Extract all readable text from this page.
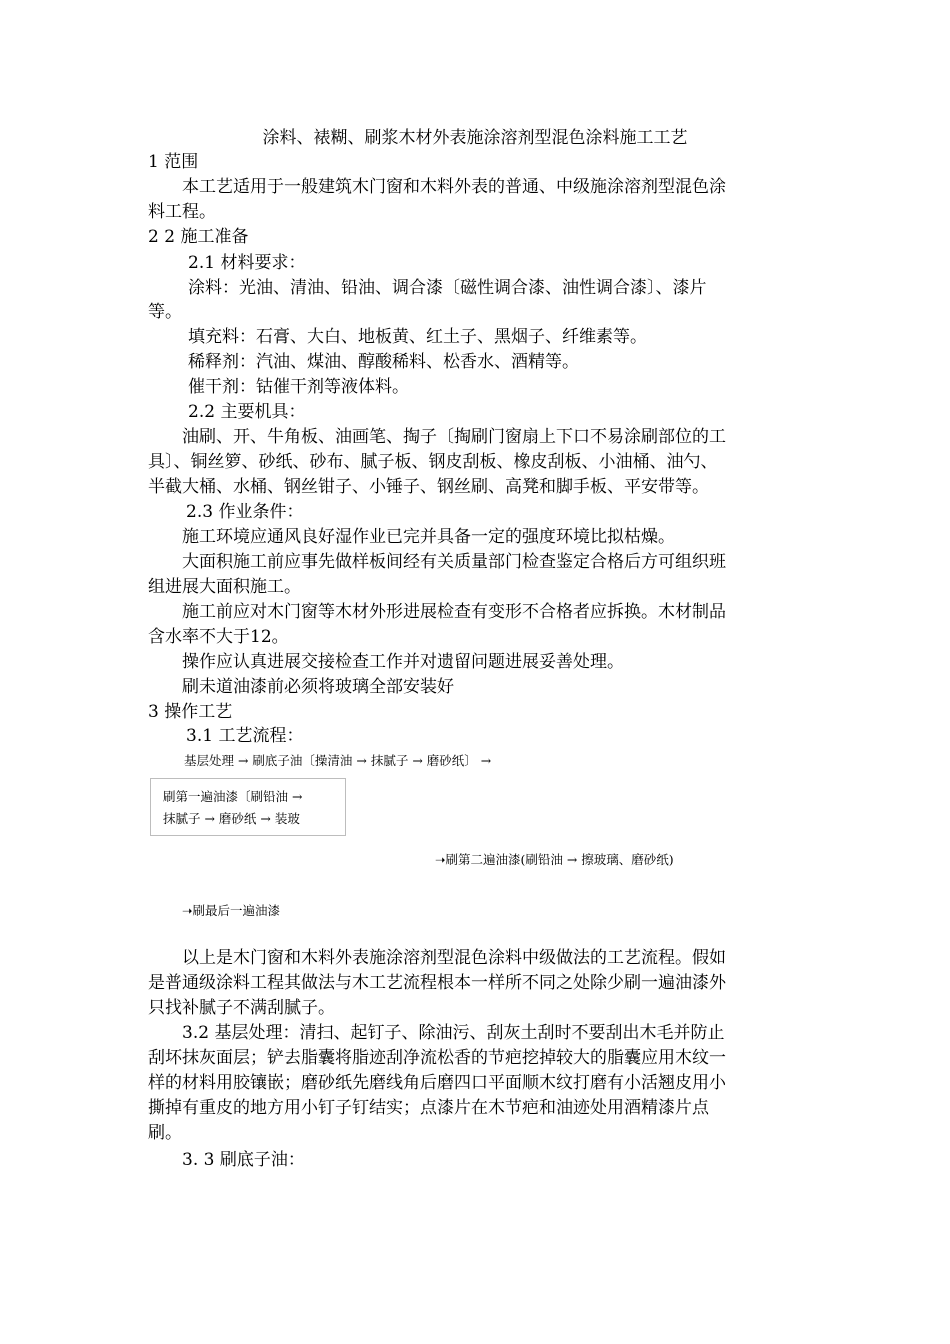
涂料、裱糊、刷浆木材外表施涂溶剂型混色涂料施工工艺
1 范围
本工艺适用于一般建筑木门窗和木料外表的普通、中级施涂溶剂型混色涂
料工程。
2 2 施工准备
2.1 材料要求：
涂料：光油、清油、铅油、调合漆〔磁性调合漆、油性调合漆〕、漆片
等。
填充料：石膏、大白、地板黄、红土子、黑烟子、纤维素等。
稀释剂：汽油、煤油、醇酸稀料、松香水、酒精等。
催干剂：钴催干剂等液体料。
2.2 主要机具：
油刷、开、牛角板、油画笔、掏子〔掏刷门窗扇上下口不易涂刷部位的工
具〕、铜丝箩、砂纸、砂布、腻子板、钢皮刮板、橡皮刮板、小油桶、油勺、
半截大桶、水桶、钢丝钳子、小锤子、钢丝刷、高凳和脚手板、平安带等。
2.3 作业条件：
施工环境应通风良好湿作业已完并具备一定的强度环境比拟枯燥。
大面积施工前应事先做样板间经有关质量部门检查鉴定合格后方可组织班
组进展大面积施工。
施工前应对木门窗等木材外形进展检查有变形不合格者应拆换。木材制品
含水率不大于12。
操作应认真进展交接检查工作并对遗留问题进展妥善处理。
刷未道油漆前必须将玻璃全部安装好
3 操作工艺
3.1 工艺流程：
基层处理 → 刷底子油〔操清油 → 抹腻子 → 磨砂纸〕 →
刷第一遍油漆〔刷铅油 →
抹腻子 → 磨砂纸 → 装玻
➝刷第二遍油漆(刷铅油 → 擦玻璃、磨砂纸)
➝刷最后一遍油漆
以上是木门窗和木料外表施涂溶剂型混色涂料中级做法的工艺流程。假如
是普通级涂料工程其做法与木工艺流程根本一样所不同之处除少刷一遍油漆外
只找补腻子不满刮腻子。
3.2 基层处理：清扫、起钉子、除油污、刮灰土刮时不要刮出木毛并防止
刮坏抹灰面层；铲去脂囊将脂迹刮净流松香的节疤挖掉较大的脂囊应用木纹一
样的材料用胶镶嵌；磨砂纸先磨线角后磨四口平面顺木纹打磨有小活翘皮用小
撕掉有重皮的地方用小钉子钉结实；点漆片在木节疤和油迹处用酒精漆片点
刷。
3. 3 刷底子油：
